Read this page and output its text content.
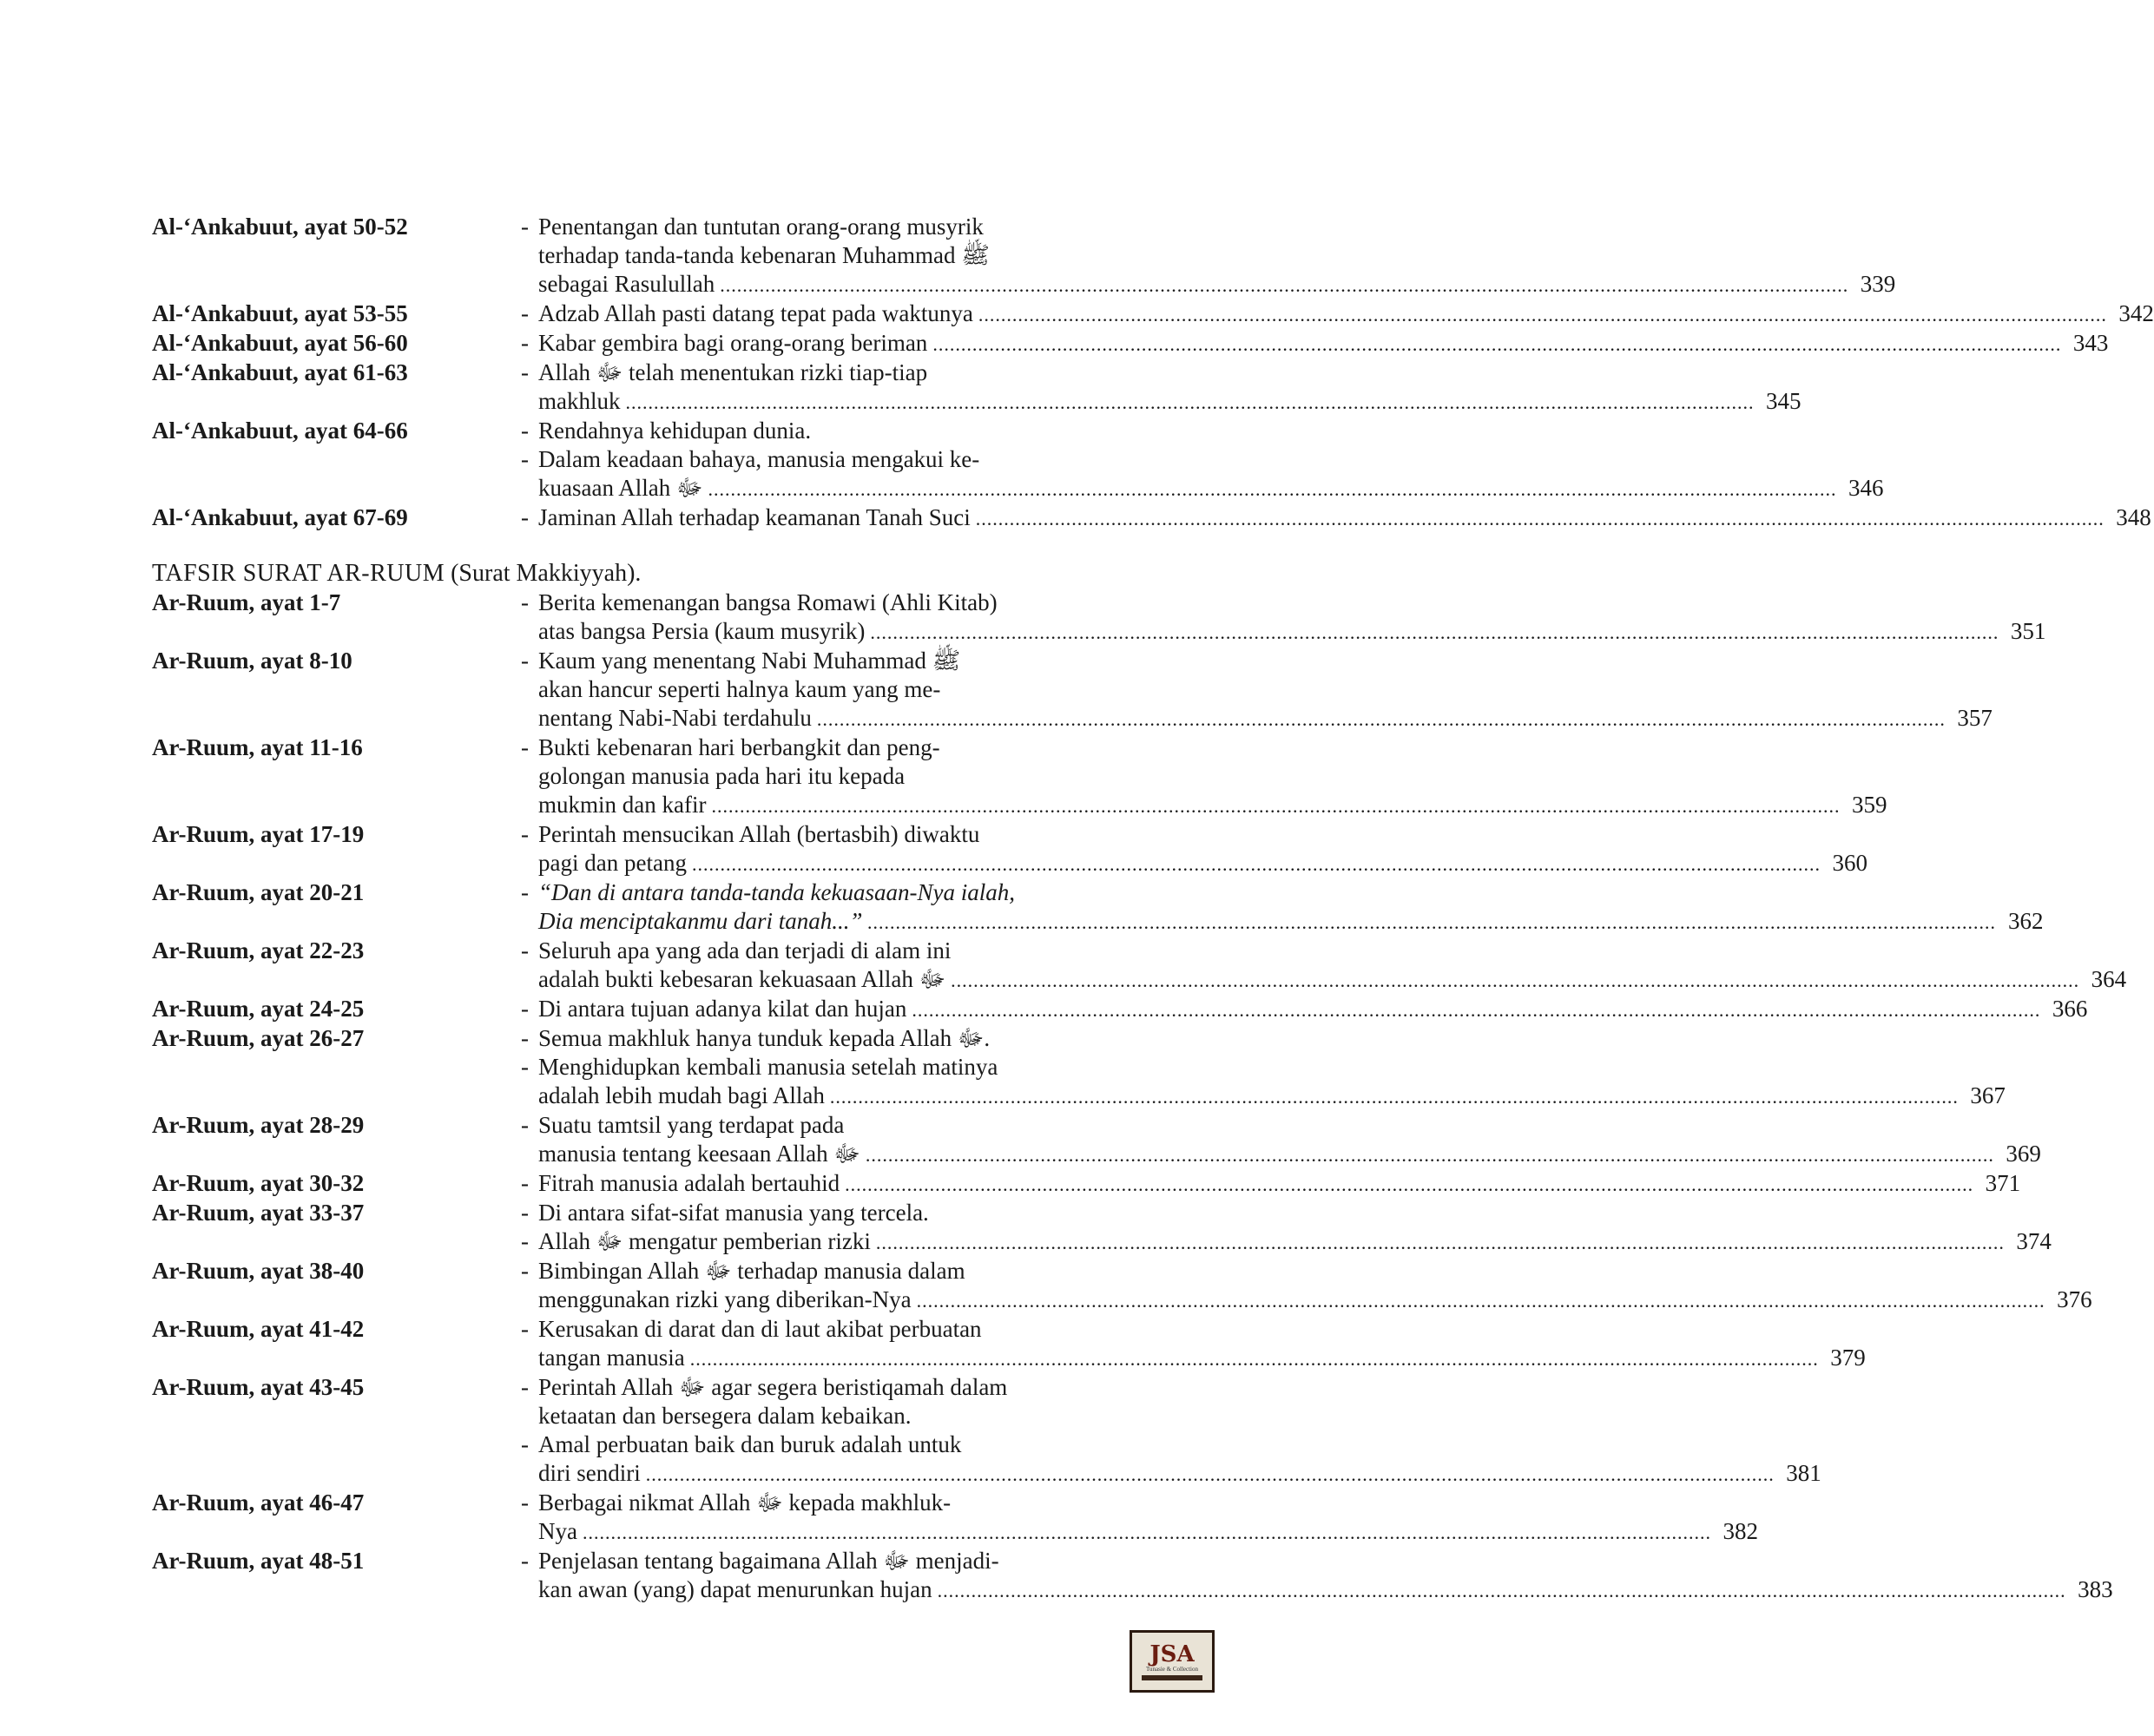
Al-‘Ankabuut, ayat 50-52	- Penentangan dan tuntutan orang-orang musyrik
terhadap tanda-tanda kebenaran Muhammad ﷺ
sebagai Rasulullah ........................................................................................................................................................................................................ 339
Al-‘Ankabuut, ayat 53-55	- Adzab Allah pasti datang tepat pada waktunya ........................................................................................................................................................................................................ 342
Al-‘Ankabuut, ayat 56-60	- Kabar gembira bagi orang-orang beriman ........................................................................................................................................................................................................ 343
Al-‘Ankabuut, ayat 61-63	- Allah ﷻ telah menentukan rizki tiap-tiap
makhluk ........................................................................................................................................................................................................ 345
Al-‘Ankabuut, ayat 64-66	- Rendahnya kehidupan dunia.
- Dalam keadaan bahaya, manusia mengakui ke-
kuasaan Allah ﷻ ........................................................................................................................................................................................................ 346
Al-‘Ankabuut, ayat 67-69	- Jaminan Allah terhadap keamanan Tanah Suci ........................................................................................................................................................................................................ 348
TAFSIR SURAT AR-RUUM (Surat Makkiyyah).
Ar-Ruum, ayat 1-7	- Berita kemenangan bangsa Romawi (Ahli Kitab)
atas bangsa Persia (kaum musyrik) ........................................................................................................................................................................................................ 351
Ar-Ruum, ayat 8-10	- Kaum yang menentang Nabi Muhammad ﷺ
akan hancur seperti halnya kaum yang me-
nentang Nabi-Nabi terdahulu ........................................................................................................................................................................................................ 357
Ar-Ruum, ayat 11-16	- Bukti kebenaran hari berbangkit dan peng-
golongan manusia pada hari itu kepada
mukmin dan kafir ........................................................................................................................................................................................................ 359
Ar-Ruum, ayat 17-19	- Perintah mensucikan Allah (bertasbih) diwaktu
pagi dan petang ........................................................................................................................................................................................................ 360
Ar-Ruum, ayat 20-21	- “Dan di antara tanda-tanda kekuasaan-Nya ialah,
Dia menciptakanmu dari tanah...” ........................................................................................................................................................................................................ 362
Ar-Ruum, ayat 22-23	- Seluruh apa yang ada dan terjadi di alam ini
adalah bukti kebesaran kekuasaan Allah ﷻ ........................................................................................................................................................................................................ 364
Ar-Ruum, ayat 24-25	- Di antara tujuan adanya kilat dan hujan ........................................................................................................................................................................................................ 366
Ar-Ruum, ayat 26-27	- Semua makhluk hanya tunduk kepada Allah ﷻ.
- Menghidupkan kembali manusia setelah matinya
adalah lebih mudah bagi Allah ........................................................................................................................................................................................................ 367
Ar-Ruum, ayat 28-29	- Suatu tamtsil yang terdapat pada
manusia tentang keesaan Allah ﷻ ........................................................................................................................................................................................................ 369
Ar-Ruum, ayat 30-32	- Fitrah manusia adalah bertauhid ........................................................................................................................................................................................................ 371
Ar-Ruum, ayat 33-37	- Di antara sifat-sifat manusia yang tercela.
- Allah ﷻ mengatur pemberian rizki ........................................................................................................................................................................................................ 374
Ar-Ruum, ayat 38-40	- Bimbingan Allah ﷻ terhadap manusia dalam
menggunakan rizki yang diberikan-Nya ........................................................................................................................................................................................................ 376
Ar-Ruum, ayat 41-42	- Kerusakan di darat dan di laut akibat perbuatan
tangan manusia ........................................................................................................................................................................................................ 379
Ar-Ruum, ayat 43-45	- Perintah Allah ﷻ agar segera beristiqamah dalam
ketaatan dan bersegera dalam kebaikan.
- Amal perbuatan baik dan buruk adalah untuk
diri sendiri ........................................................................................................................................................................................................ 381
Ar-Ruum, ayat 46-47	- Berbagai nikmat Allah ﷻ kepada makhluk-
Nya ........................................................................................................................................................................................................ 382
Ar-Ruum, ayat 48-51	- Penjelasan tentang bagaimana Allah ﷻ menjadi-
kan awan (yang) dapat menurunkan hujan ........................................................................................................................................................................................................ 383
JSA
Tunasie & Collection
